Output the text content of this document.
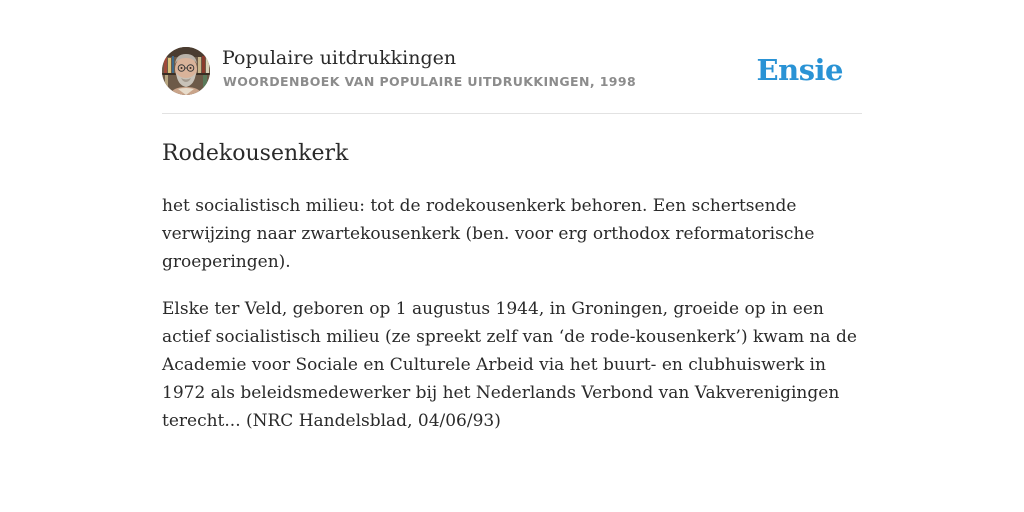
Populaire uitdrukkingen
WOORDENBOEK VAN POPULAIRE UITDRUKKINGEN, 1998	Ensie
Rodekousenkerk

het socialistisch milieu: tot de rodekousenkerk behoren. Een schertsende verwijzing naar zwartekousenkerk (ben. voor erg orthodox reformatorische groeperingen).

Elske ter Veld, geboren op 1 augustus 1944, in Groningen, groeide op in een actief socialistisch milieu (ze spreekt zelf van ‘de rode-kousenkerk’) kwam na de Academie voor Sociale en Culturele Arbeid via het buurt- en clubhuiswerk in 1972 als beleidsmedewerker bij het Nederlands Verbond van Vakverenigingen terecht... (NRC Handelsblad, 04/06/93)
